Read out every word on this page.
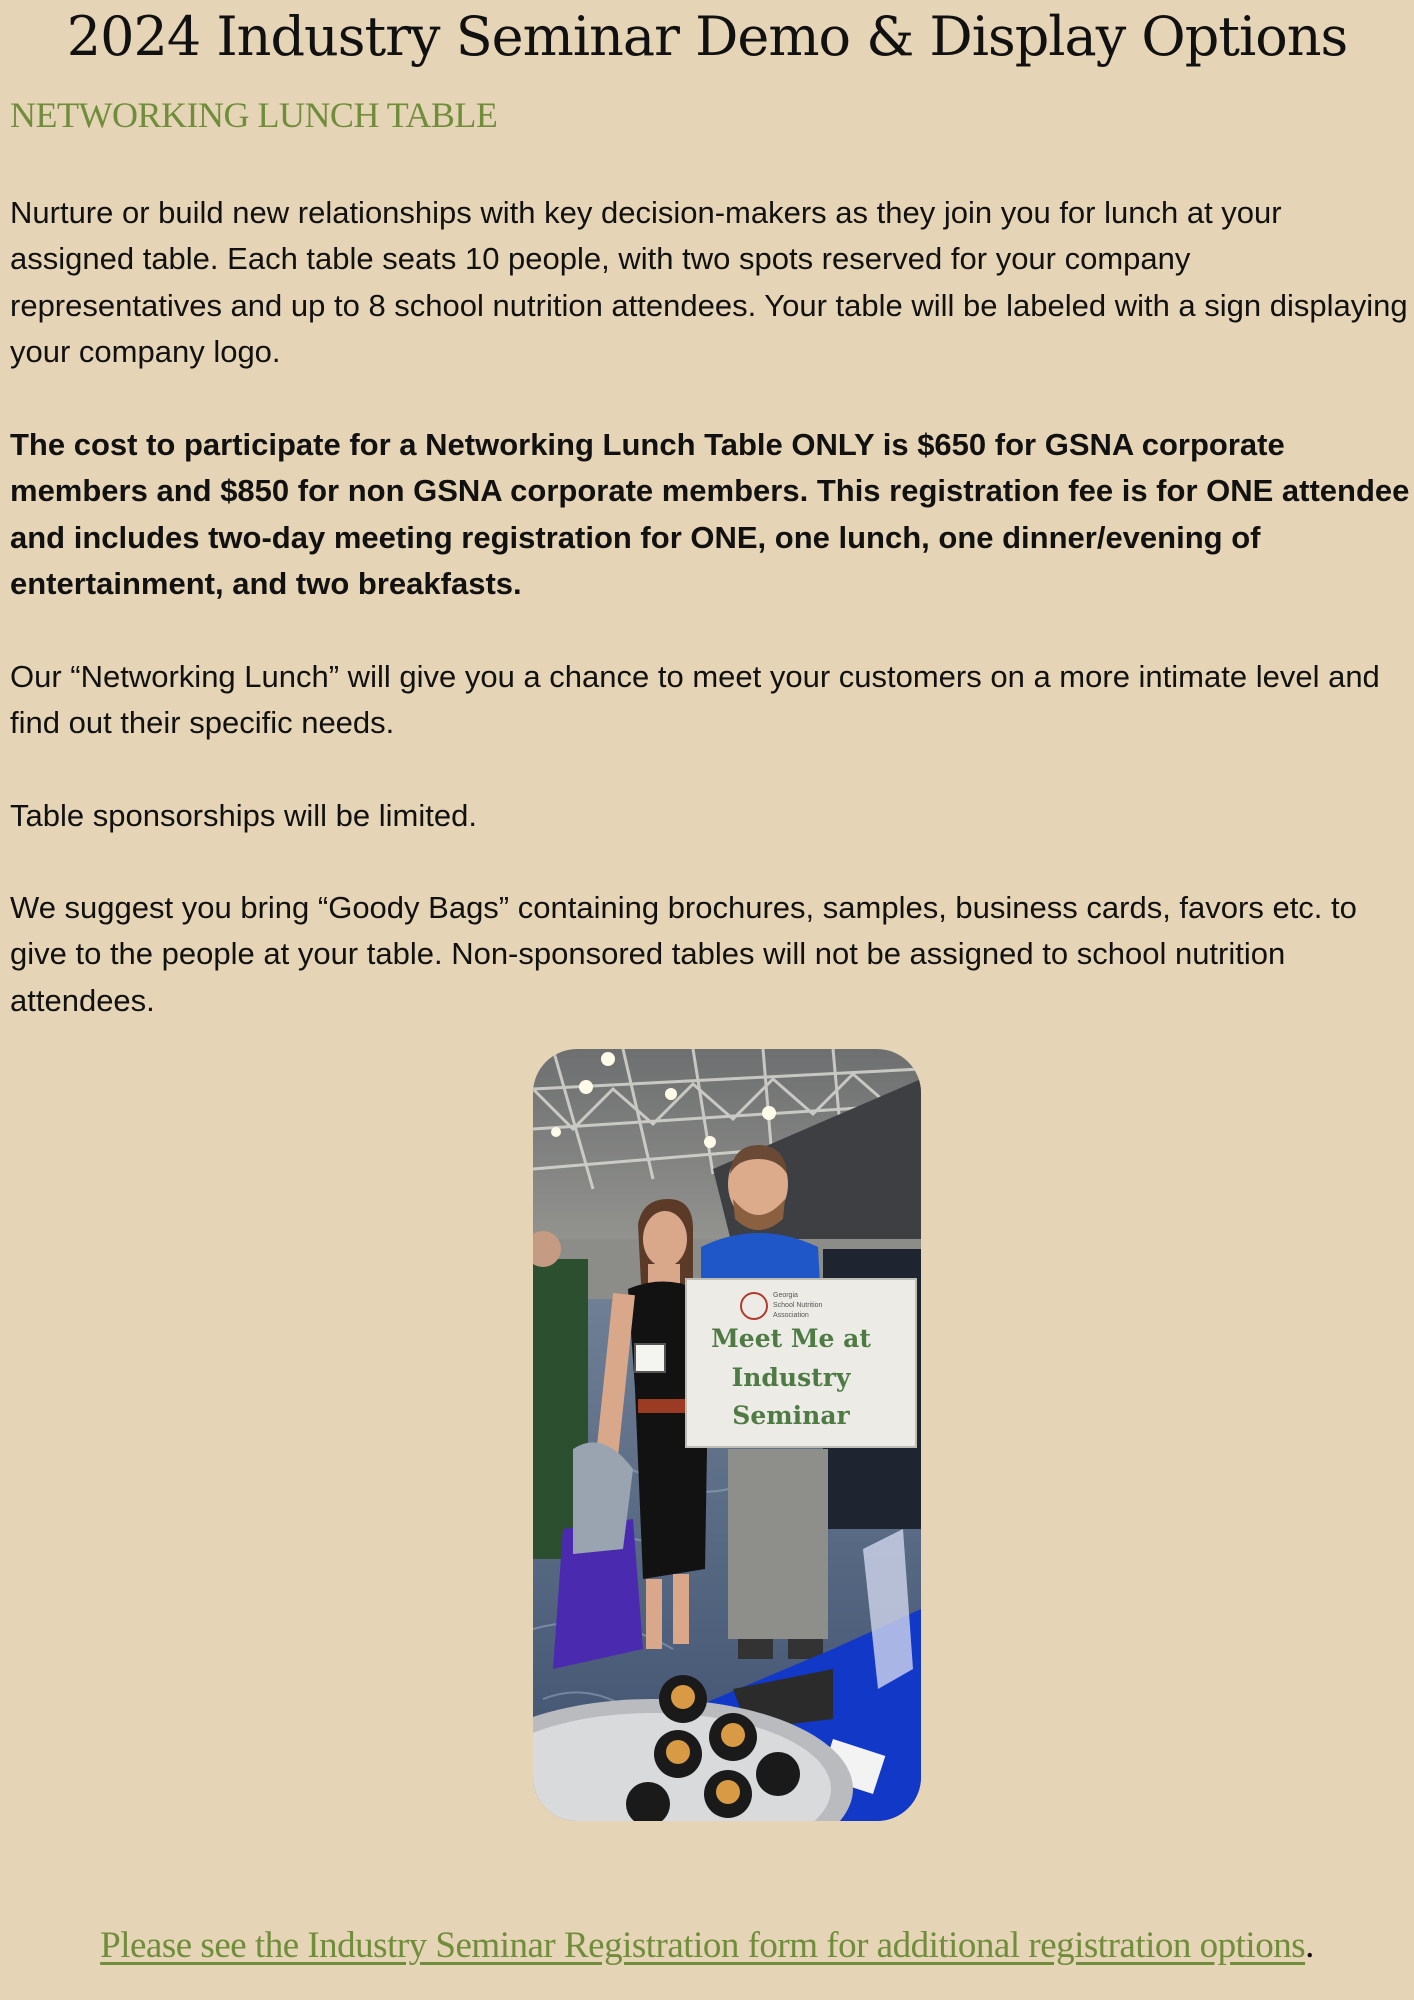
2024 Industry Seminar Demo & Display Options
NETWORKING LUNCH TABLE

Nurture or build new relationships with key decision-makers as they join you for lunch at your assigned table. Each table seats 10 people, with two spots reserved for your company representatives and up to 8 school nutrition attendees. Your table will be labeled with a sign displaying your company logo.

The cost to participate for a Networking Lunch Table ONLY is $650 for GSNA corporate members and $850 for non GSNA corporate members. This registration fee is for ONE attendee and includes two-day meeting registration for ONE, one lunch, one dinner/evening of entertainment, and two breakfasts.

Our “Networking Lunch” will give you a chance to meet your customers on a more intimate level and find out their specific needs.

Table sponsorships will be limited.

We suggest you bring “Goody Bags” containing brochures, samples, business cards, favors etc. to give to the people at your table. Non-sponsored tables will not be assigned to school nutrition attendees.

Georgia
School Nutrition
Association
Meet Me at
Industry
Seminar
Please see the Industry Seminar Registration form for additional registration options.
